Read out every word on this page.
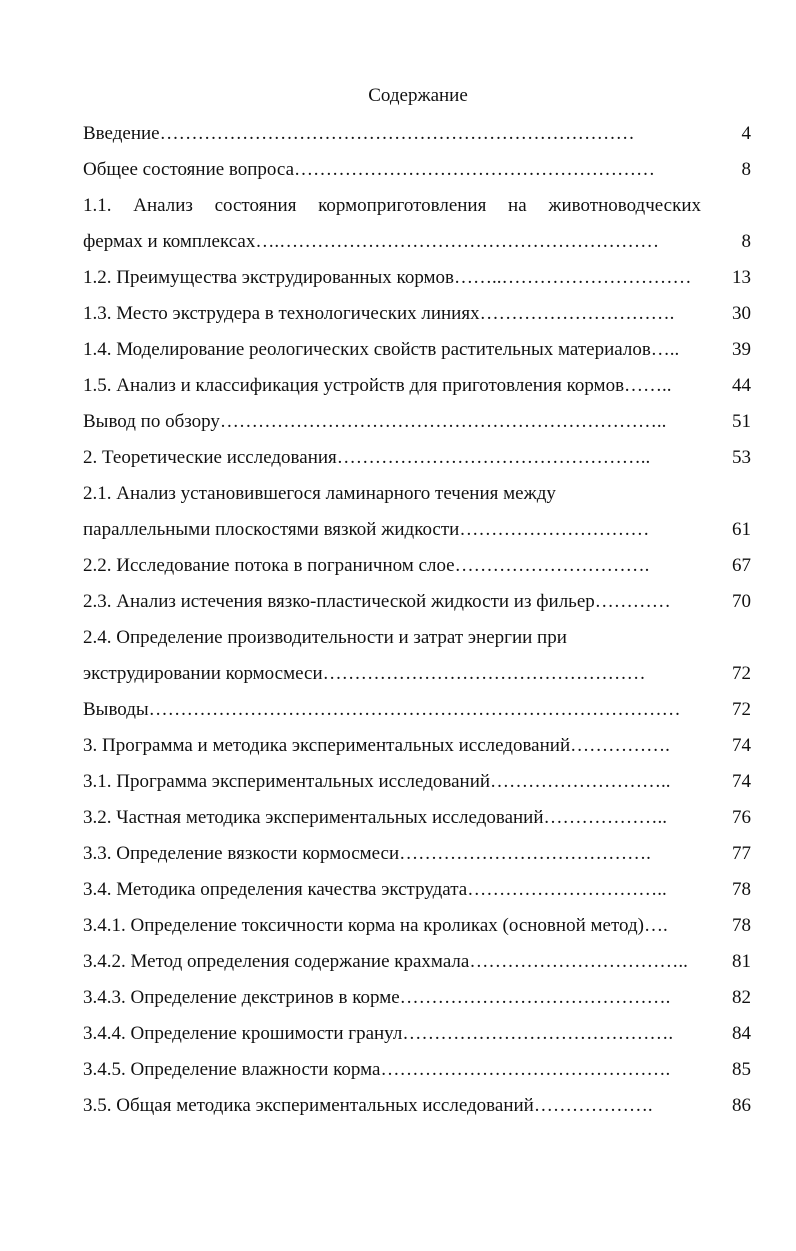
Содержание
Введение…………………………………………………………………	4
Общее состояние вопроса…………………………………………………	8
1.1. Анализ состояния кормоприготовления на животноводческих
фермах и комплексах….……………………………………………………	8
1.2. Преимущества экструдированных кормов……..…………………………	13
1.3. Место экструдера в технологических линиях………………………….	30
1.4. Моделирование реологических свойств растительных материалов…..	39
1.5. Анализ и классификация устройств для приготовления кормов……..	44
Вывод по обзору……………………………………………………………..	51
2. Теоретические исследования…………………………………………..	53
2.1. Анализ установившегося ламинарного течения между
параллельными плоскостями вязкой жидкости…………………………	61
2.2. Исследование потока в пограничном слое………………………….	67
2.3. Анализ истечения вязко-пластической жидкости из фильер…………	70
2.4. Определение производительности и затрат энергии при
экструдировании кормосмеси……………………………………………	72
Выводы…………………………………………………………………………	72
3. Программа и методика экспериментальных исследований…………….	74
3.1. Программа экспериментальных исследований………………………..	74
3.2. Частная методика экспериментальных исследований………………..	76
3.3. Определение вязкости кормосмеси………………………………….	77
3.4. Методика определения качества экструдата…………………………..	78
3.4.1. Определение токсичности корма на кроликах (основной метод)….	78
3.4.2. Метод определения содержание крахмала……………………………..	81
3.4.3. Определение декстринов в корме…………………………………….	82
3.4.4. Определение крошимости гранул…………………………………….	84
3.4.5. Определение влажности корма……………………………………….	85
3.5. Общая методика экспериментальных исследований……………….	86
